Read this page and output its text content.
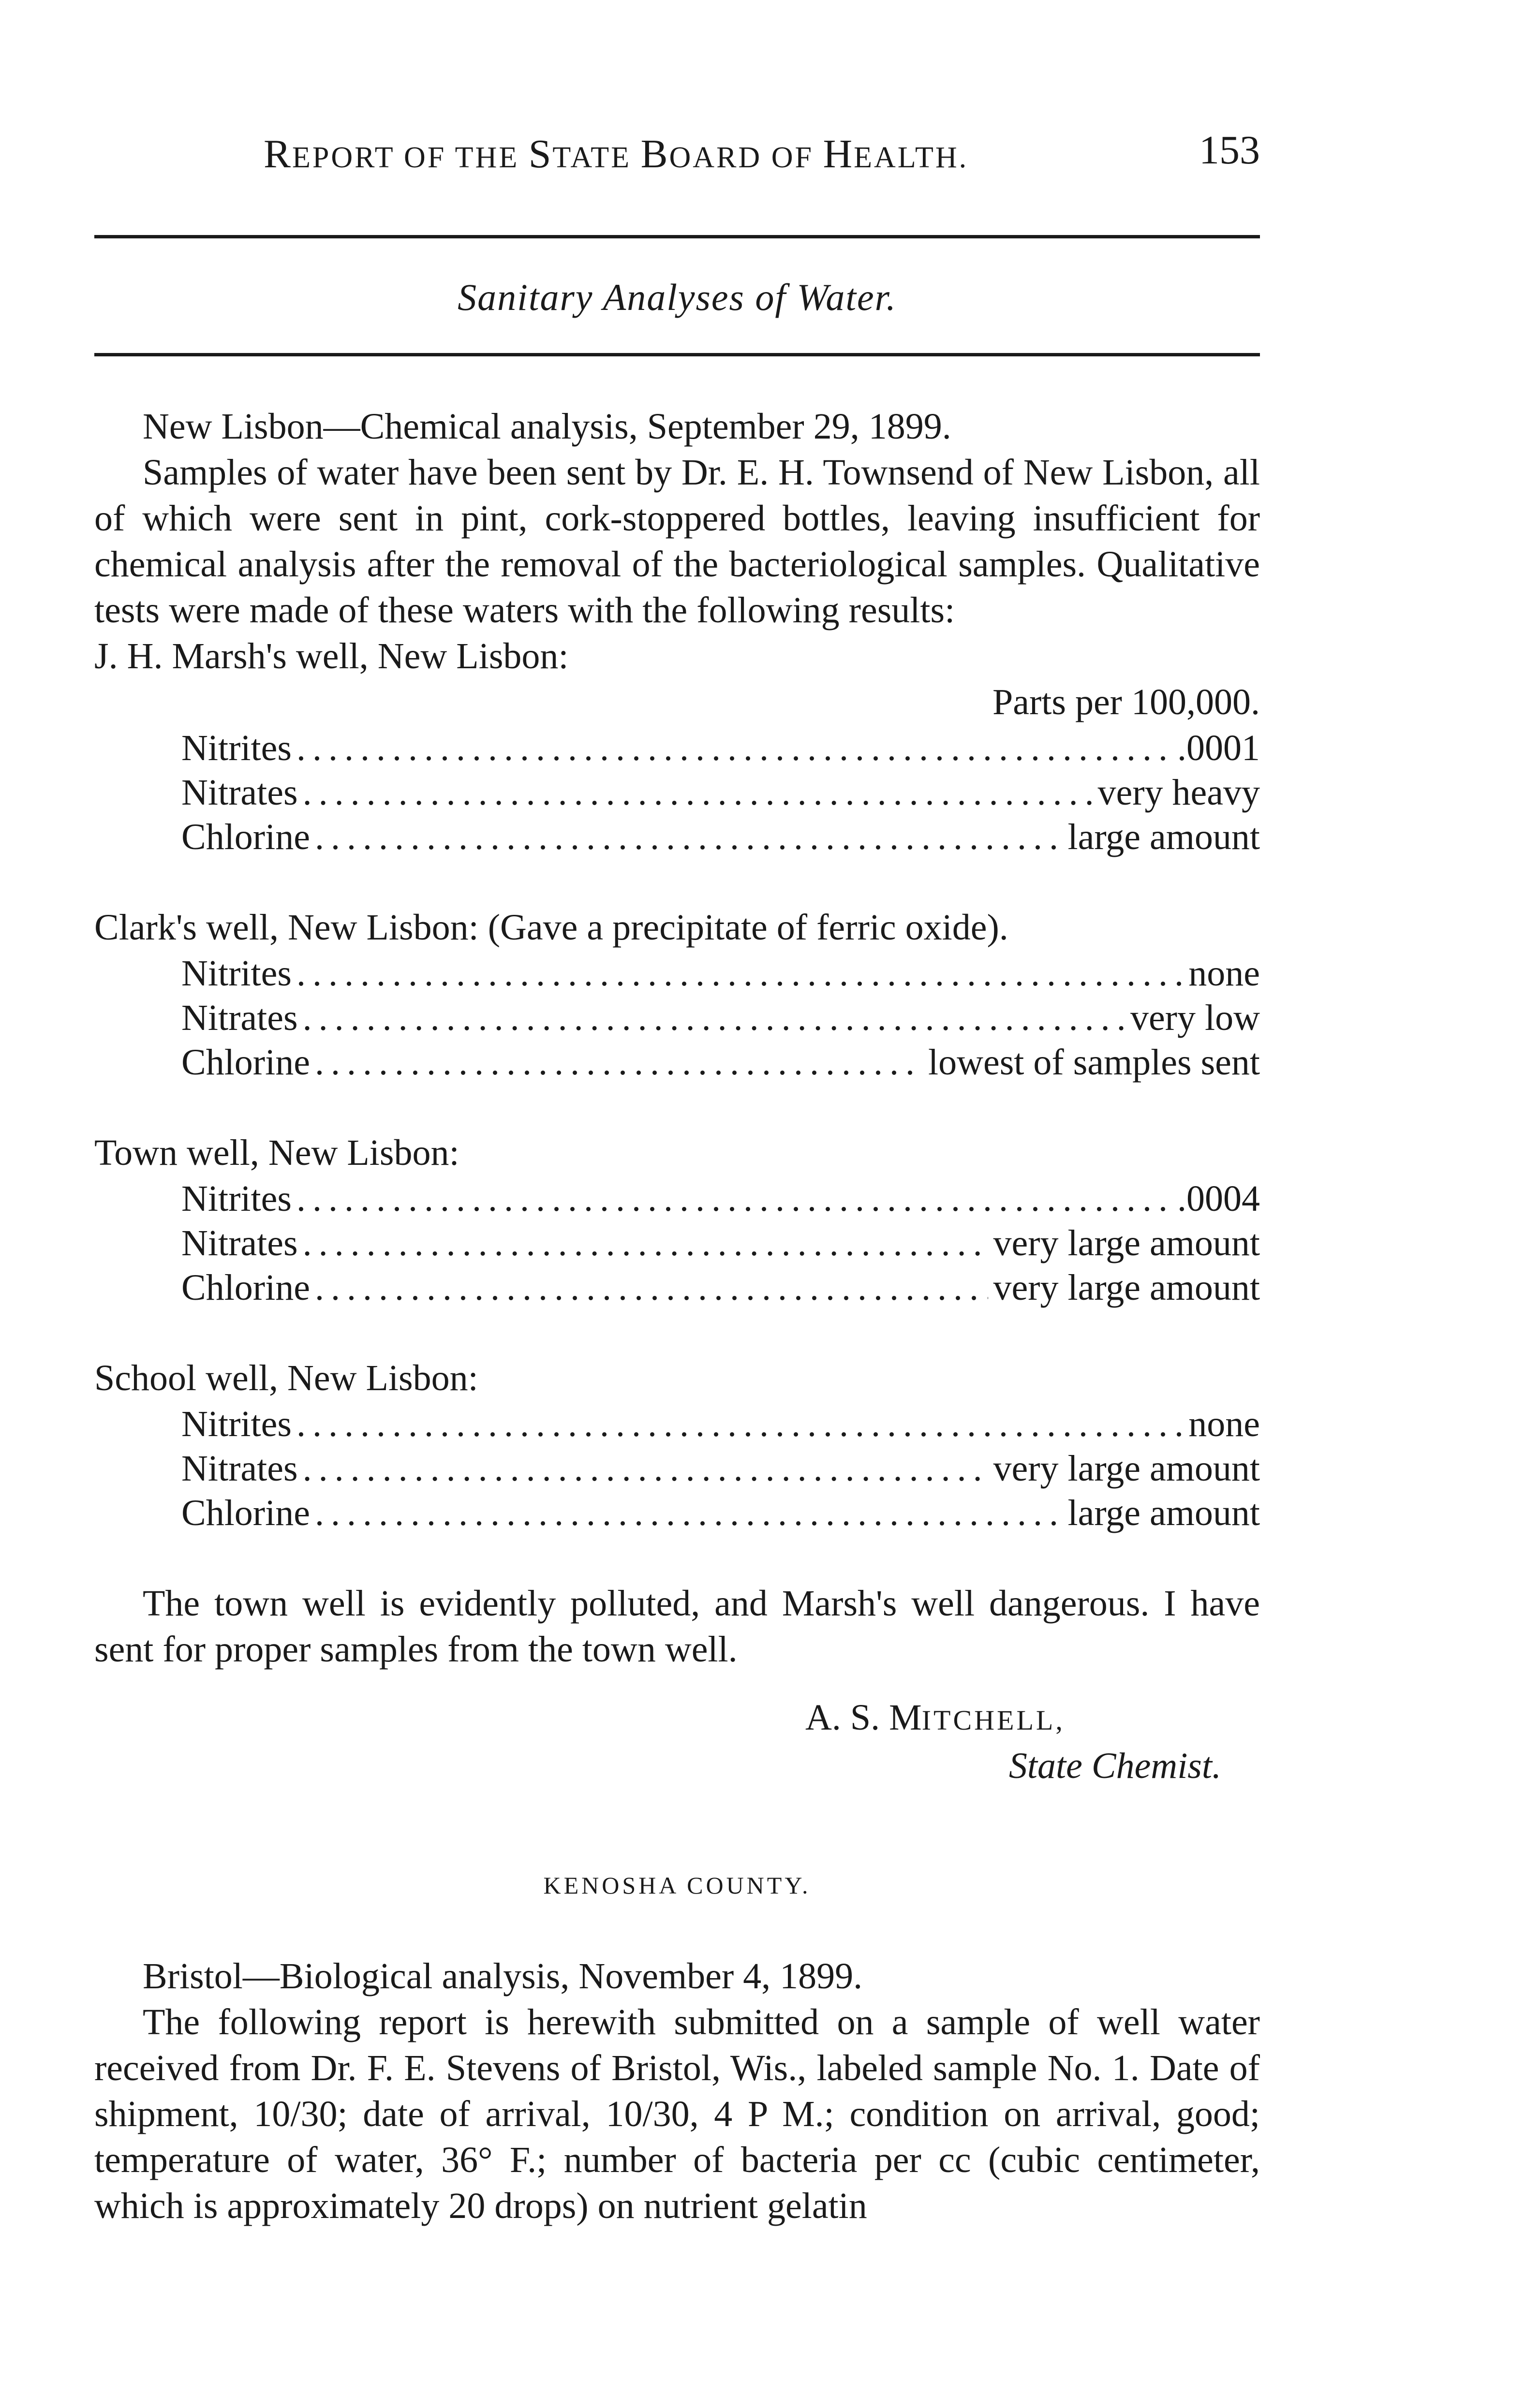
REPORT OF THE STATE BOARD OF HEALTH.	153
Sanitary Analyses of Water.

New Lisbon—Chemical analysis, September 29, 1899.

Samples of water have been sent by Dr. E. H. Townsend of New Lisbon, all of which were sent in pint, cork-stoppered bottles, leaving insufficient for chemical analysis after the removal of the bacteriological samples. Qualitative tests were made of these waters with the following results:

J. H. Marsh's well, New Lisbon:

Parts per 100,000.

Nitrites .....	.0001
Nitrates .....	very heavy
Chlorine .....	large amount

Clark's well, New Lisbon: (Gave a precipitate of ferric oxide).

Nitrites .....	none
Nitrates .....	very low
Chlorine .....	lowest of samples sent

Town well, New Lisbon:

Nitrites .....	.0004
Nitrates .....	very large amount
Chlorine .....	very large amount

School well, New Lisbon:

Nitrites .....	none
Nitrates .....	very large amount
Chlorine .....	large amount

The town well is evidently polluted, and Marsh's well dangerous. I have sent for proper samples from the town well.

A. S. MITCHELL,

State Chemist.

KENOSHA COUNTY.

Bristol—Biological analysis, November 4, 1899.

The following report is herewith submitted on a sample of well water received from Dr. F. E. Stevens of Bristol, Wis., labeled sample No. 1. Date of shipment, 10/30; date of arrival, 10/30, 4 P M.; condition on arrival, good; temperature of water, 36° F.; number of bacteria per cc (cubic centimeter, which is approximately 20 drops) on nutrient gelatin
